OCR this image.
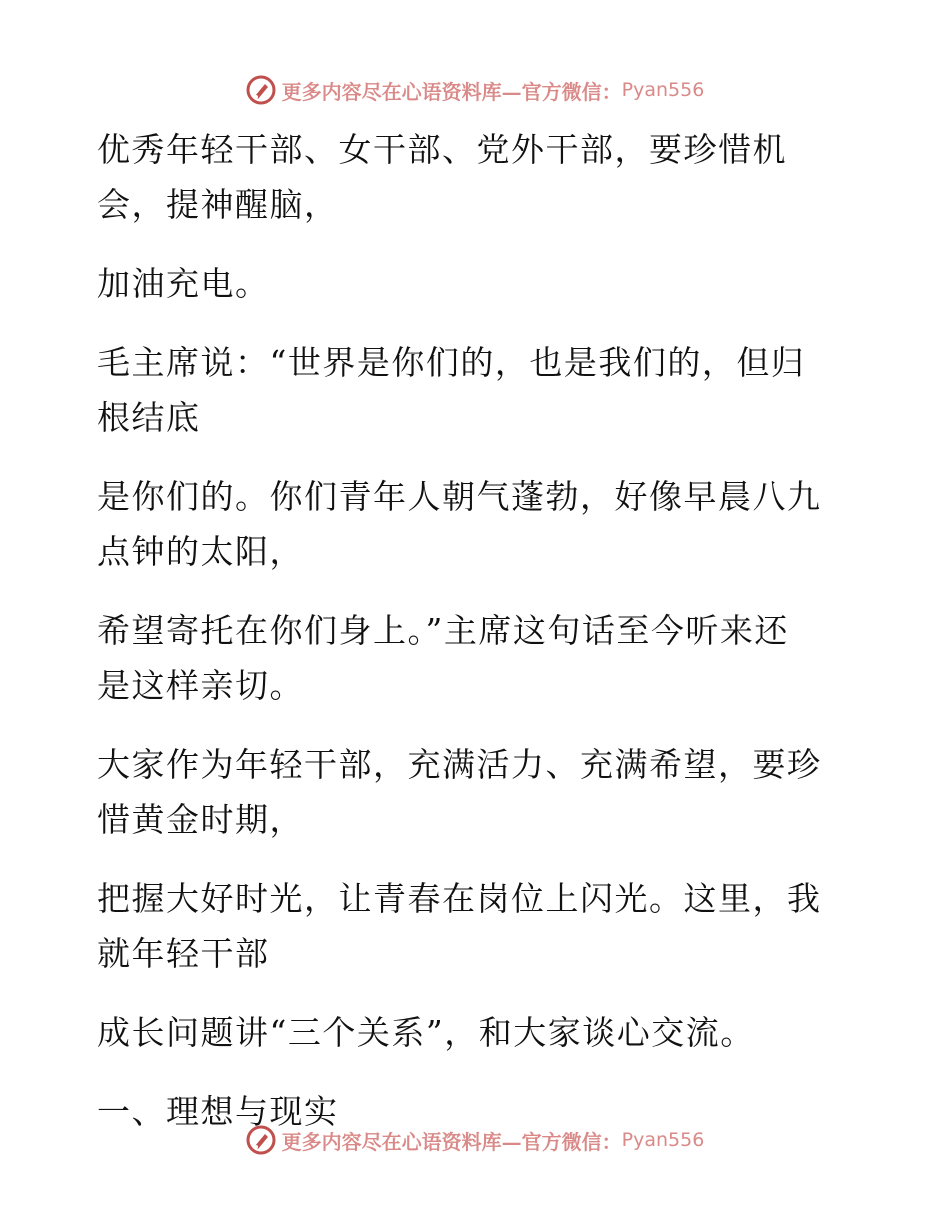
更多内容尽在心语资料库—官方微信： Pyan556

优秀年轻干部、女干部、党外干部，要珍惜机
会，提神醒脑，

加油充电。

毛主席说：“世界是你们的，也是我们的，但归
根结底

是你们的。你们青年人朝气蓬勃，好像早晨八九
点钟的太阳，

希望寄托在你们身上。”主席这句话至今听来还
是这样亲切。

大家作为年轻干部，充满活力、充满希望，要珍
惜黄金时期，

把握大好时光，让青春在岗位上闪光。这里，我
就年轻干部

成长问题讲“三个关系”，和大家谈心交流。

一、理想与现实

更多内容尽在心语资料库—官方微信： Pyan556
